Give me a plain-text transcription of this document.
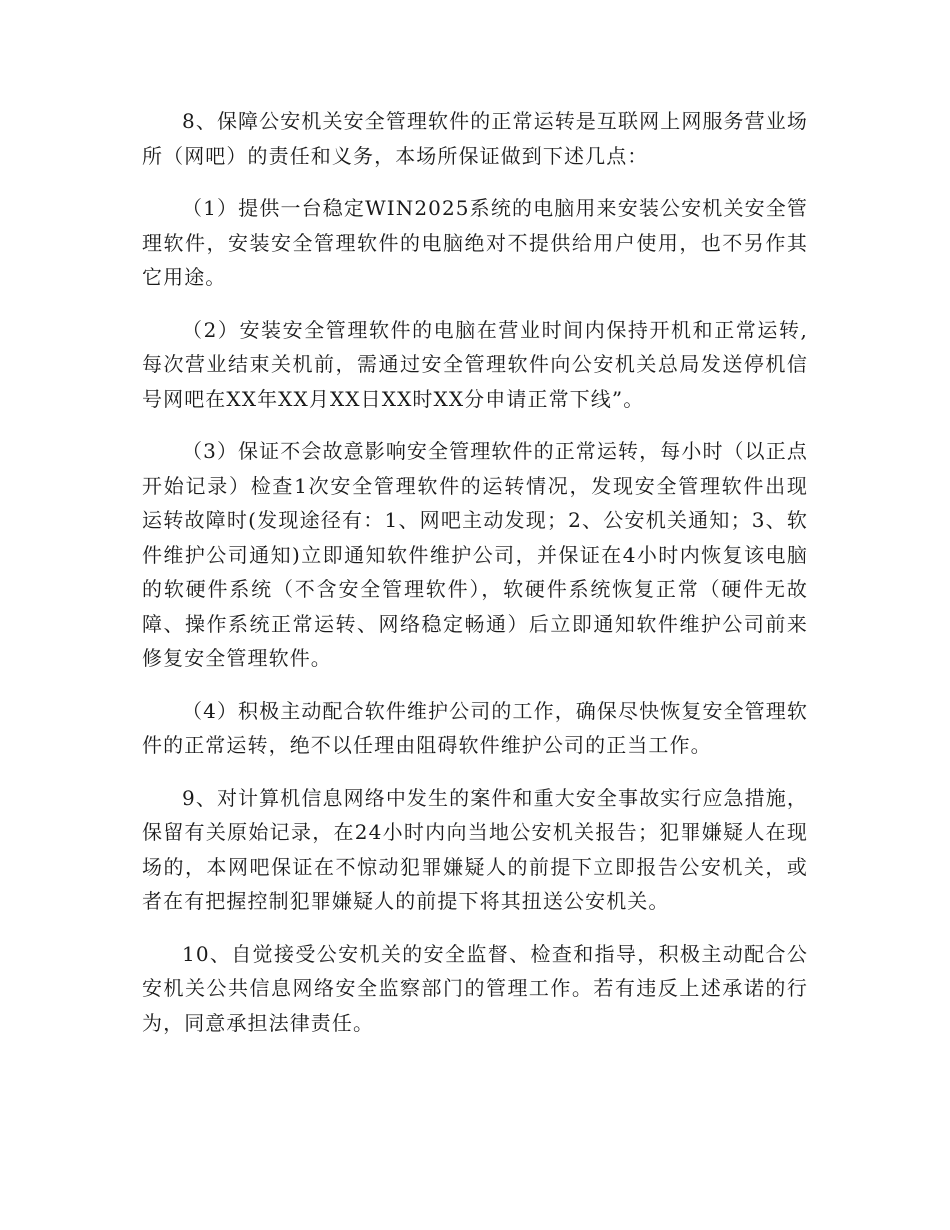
8、保障公安机关安全管理软件的正常运转是互联网上网服务营业场所（网吧）的责任和义务，本场所保证做到下述几点：

（1）提供一台稳定WIN2025系统的电脑用来安装公安机关安全管理软件，安装安全管理软件的电脑绝对不提供给用户使用，也不另作其它用途。

（2）安装安全管理软件的电脑在营业时间内保持开机和正常运转,每次营业结束关机前，需通过安全管理软件向公安机关总局发送停机信号网吧在XX年XX月XX日XX时XX分申请正常下线”。

（3）保证不会故意影响安全管理软件的正常运转，每小时（以正点开始记录）检查1次安全管理软件的运转情况，发现安全管理软件出现运转故障时(发现途径有：1、网吧主动发现；2、公安机关通知；3、软件维护公司通知)立即通知软件维护公司，并保证在4小时内恢复该电脑的软硬件系统（不含安全管理软件），软硬件系统恢复正常（硬件无故障、操作系统正常运转、网络稳定畅通）后立即通知软件维护公司前来修复安全管理软件。

（4）积极主动配合软件维护公司的工作，确保尽快恢复安全管理软件的正常运转，绝不以任理由阻碍软件维护公司的正当工作。

9、对计算机信息网络中发生的案件和重大安全事故实行应急措施，保留有关原始记录，在24小时内向当地公安机关报告；犯罪嫌疑人在现场的，本网吧保证在不惊动犯罪嫌疑人的前提下立即报告公安机关，或者在有把握控制犯罪嫌疑人的前提下将其扭送公安机关。

10、自觉接受公安机关的安全监督、检查和指导，积极主动配合公安机关公共信息网络安全监察部门的管理工作。若有违反上述承诺的行为，同意承担法律责任。
